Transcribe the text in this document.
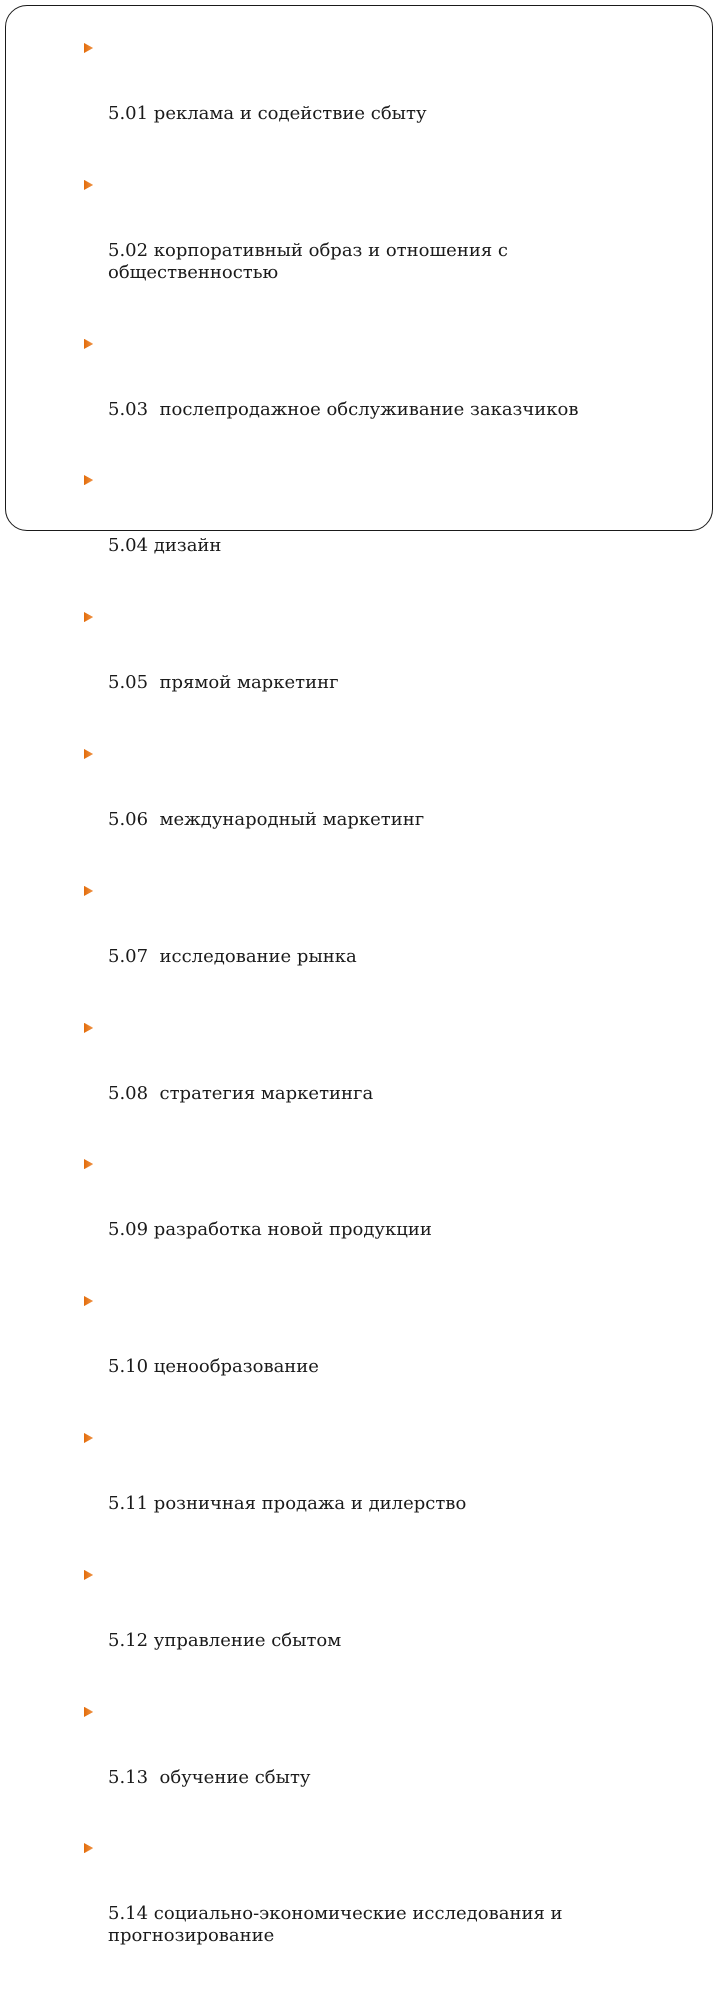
5.01 реклама и содействие сбыту

5.02 корпоративный образ и отношения с общественностью

5.03  послепродажное обслуживание заказчиков

5.04 дизайн

5.05  прямой маркетинг

5.06  международный маркетинг

5.07  исследование рынка

5.08  стратегия маркетинга

5.09 разработка новой продукции

5.10 ценообразование

5.11 розничная продажа и дилерство

5.12 управление сбытом

5.13  обучение сбыту

5.14 социально-экономические исследования и прогнозирование
